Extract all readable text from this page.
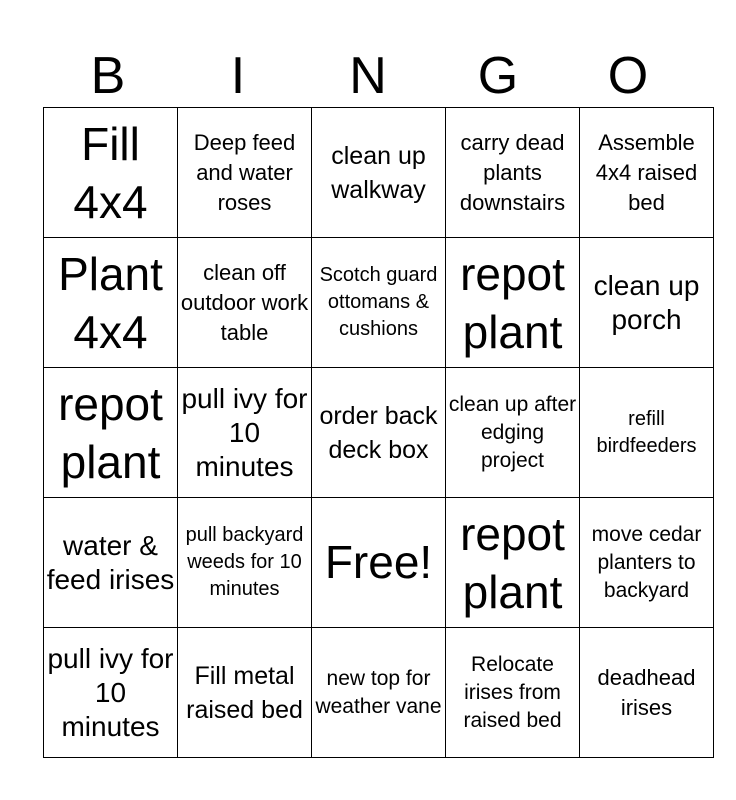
B	I	N	G	O
Fill 4x4	Deep feed and water roses	clean up walkway	carry dead plants downstairs	Assemble 4x4 raised bed

Plant 4x4	clean off outdoor work table	Scotch guard ottomans & cushions	repot plant	clean up porch

repot plant	pull ivy for 10 minutes	order back deck box	clean up after edging project	refill birdfeeders

water & feed irises	pull backyard weeds for 10 minutes	Free!	repot plant	move cedar planters to backyard

pull ivy for 10 minutes	Fill metal raised bed	new top for weather vane	Relocate irises from raised bed	deadhead irises
